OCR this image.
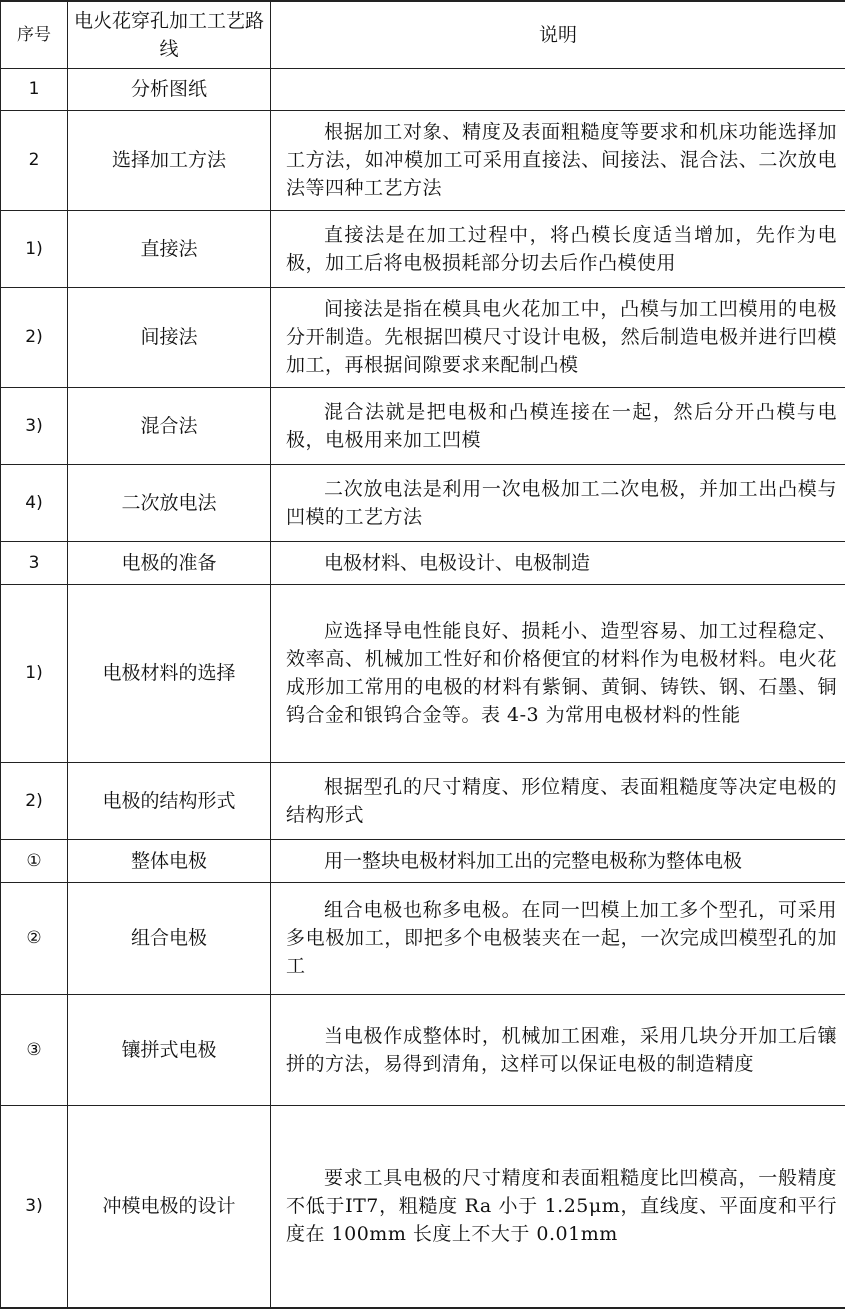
序号	电火花穿孔加工工艺路线	说明
1	分析图纸	
2	选择加工方法	根据加工对象、精度及表面粗糙度等要求和机床功能选择加工方法，如冲模加工可采用直接法、间接法、混合法、二次放电法等四种工艺方法
1)	直接法	直接法是在加工过程中，将凸模长度适当增加，先作为电极，加工后将电极损耗部分切去后作凸模使用
2)	间接法	间接法是指在模具电火花加工中，凸模与加工凹模用的电极分开制造。先根据凹模尺寸设计电极，然后制造电极并进行凹模加工，再根据间隙要求来配制凸模
3)	混合法	混合法就是把电极和凸模连接在一起，然后分开凸模与电极，电极用来加工凹模
4)	二次放电法	二次放电法是利用一次电极加工二次电极，并加工出凸模与凹模的工艺方法
3	电极的准备	电极材料、电极设计、电极制造
1)	电极材料的选择	应选择导电性能良好、损耗小、造型容易、加工过程稳定、效率高、机械加工性好和价格便宜的材料作为电极材料。电火花成形加工常用的电极的材料有紫铜、黄铜、铸铁、钢、石墨、铜钨合金和银钨合金等。表 4-3 为常用电极材料的性能
2)	电极的结构形式	根据型孔的尺寸精度、形位精度、表面粗糙度等决定电极的结构形式
①	整体电极	用一整块电极材料加工出的完整电极称为整体电极
②	组合电极	组合电极也称多电极。在同一凹模上加工多个型孔，可采用多电极加工，即把多个电极装夹在一起，一次完成凹模型孔的加工
③	镶拼式电极	当电极作成整体时，机械加工困难，采用几块分开加工后镶拼的方法，易得到清角，这样可以保证电极的制造精度
3)	冲模电极的设计	要求工具电极的尺寸精度和表面粗糙度比凹模高，一般精度不低于IT7，粗糙度 Ra 小于 1.25μm，直线度、平面度和平行度在 100mm 长度上不大于 0.01mm
